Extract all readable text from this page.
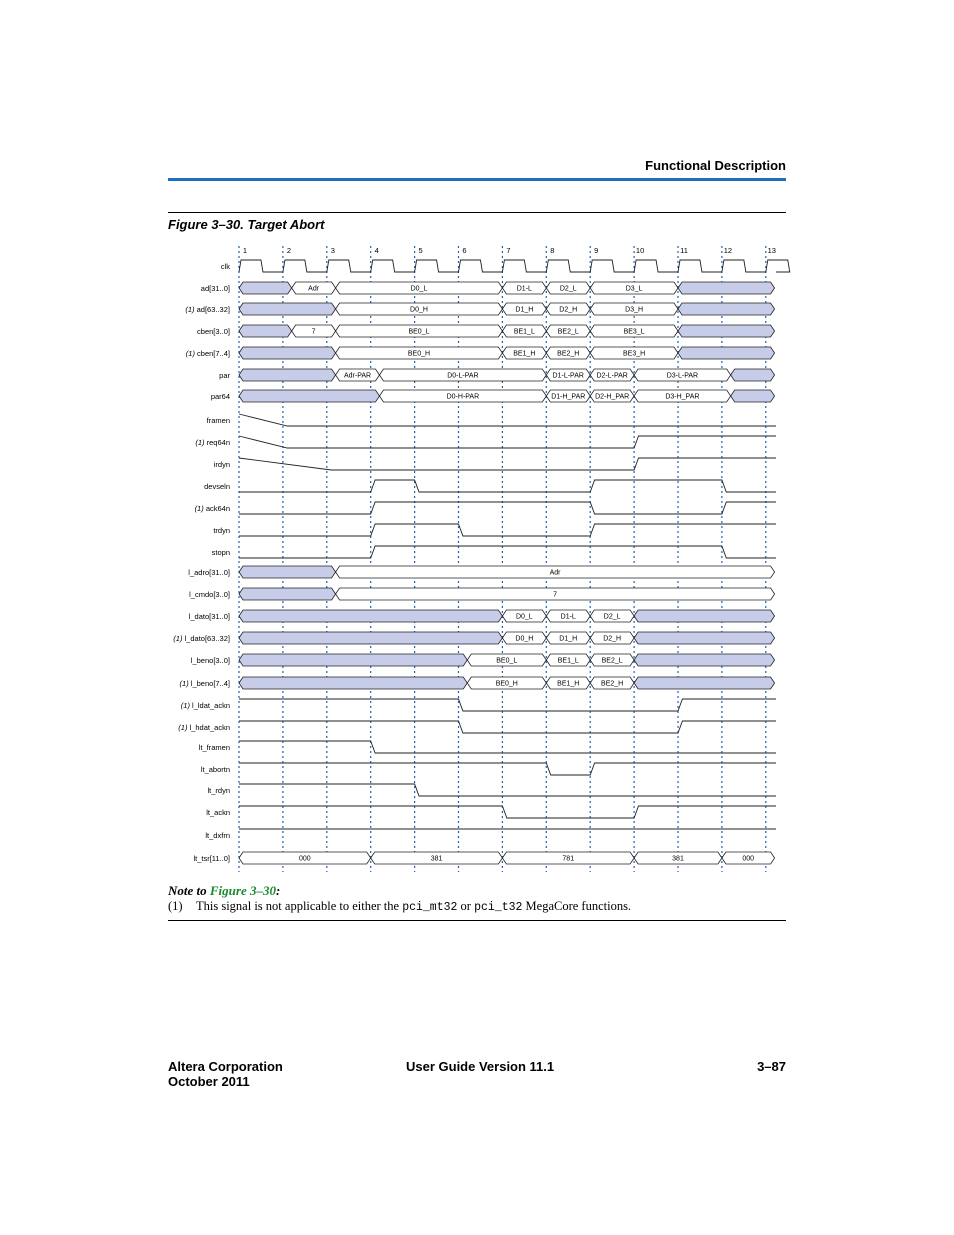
Functional Description
Figure 3–30. Target Abort
1	2	3	4	5	6	7	8	9	10	11	12	13
clk
ad[31..0]	Adr	D0_L	D1-L	D2_L	D3_L
(1) ad[63..32]	D0_H	D1_H	D2_H	D3_H
cben[3..0]	7	BE0_L	BE1_L	BE2_L	BE3_L
(1) cben[7..4]	BE0_H	BE1_H	BE2_H	BE3_H
par	Adr-PAR	D0-L-PAR	D1-L-PAR D2-L-PAR	D3-L-PAR
par64	D0-H-PAR	D1-H_PAR D2-H_PAR	D3-H_PAR
framen
(1) req64n
irdyn
devseln
(1) ack64n
trdyn
stopn
l_adro[31..0]	Adr
l_cmdo[3..0]	7
l_dato[31..0]	D0_L	D1-L	D2_L
(1) l_dato[63..32]	D0_H	D1_H	D2_H
l_beno[3..0]	BE0_L	BE1_L	BE2_L
(1) l_beno[7..4]	BE0_H	BE1_H	BE2_H
(1) l_ldat_ackn
(1) l_hdat_ackn
lt_framen
lt_abortn
lt_rdyn
lt_ackn
lt_dxfrn
lt_tsr[11..0]	000	381	781	381	000
Note to Figure 3–30:
(1) This signal is not applicable to either the pci_mt32 or pci_t32 MegaCore functions.
Altera Corporation
October 2011
User Guide Version 11.1	3–87
